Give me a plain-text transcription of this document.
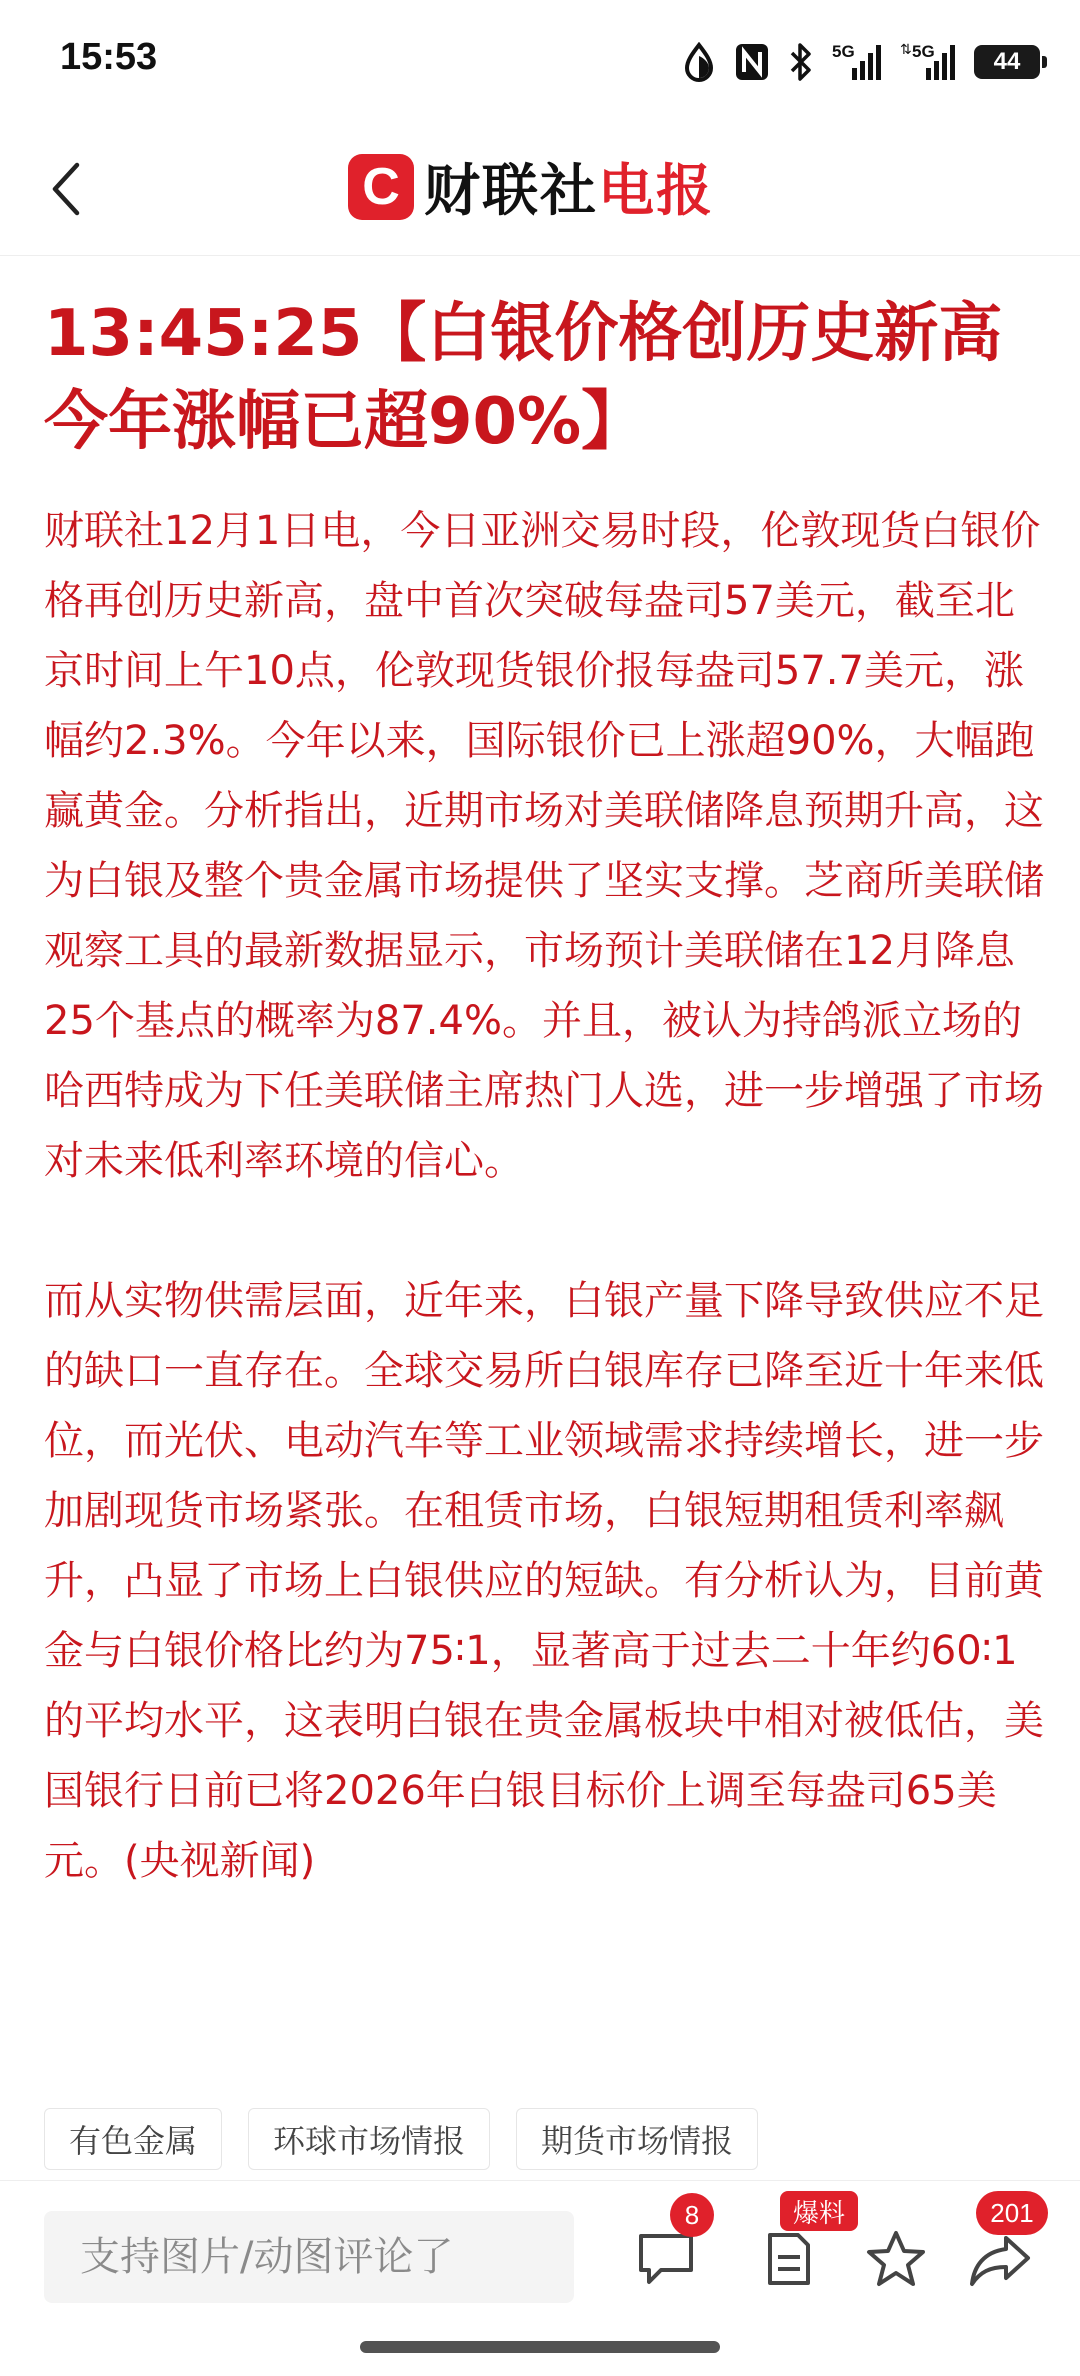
15:53	5G	⇅ 5G 44
C 财联社 电报
13:45:25【白银价格创历史新高今年涨幅已超90%】

财联社12月1日电，今日亚洲交易时段，伦敦现货白银价格再创历史新高，盘中首次突破每盎司57美元，截至北京时间上午10点，伦敦现货银价报每盎司57.7美元，涨幅约2.3%。今年以来，国际银价已上涨超90%，大幅跑赢黄金。分析指出，近期市场对美联储降息预期升高，这为白银及整个贵金属市场提供了坚实支撑。芝商所美联储观察工具的最新数据显示，市场预计美联储在12月降息25个基点的概率为87.4%。并且，被认为持鸽派立场的哈西特成为下任美联储主席热门人选，进一步增强了市场对未来低利率环境的信心。

而从实物供需层面，近年来，白银产量下降导致供应不足的缺口一直存在。全球交易所白银库存已降至近十年来低位，而光伏、电动汽车等工业领域需求持续增长，进一步加剧现货市场紧张。在租赁市场，白银短期租赁利率飙升，凸显了市场上白银供应的短缺。有分析认为，目前黄金与白银价格比约为75∶1，显著高于过去二十年约60∶1的平均水平，这表明白银在贵金属板块中相对被低估，美国银行日前已将2026年白银目标价上调至每盎司65美元。(央视新闻)

有色金属	环球市场情报	期货市场情报
支持图片/动图评论了
8	爆料	201
